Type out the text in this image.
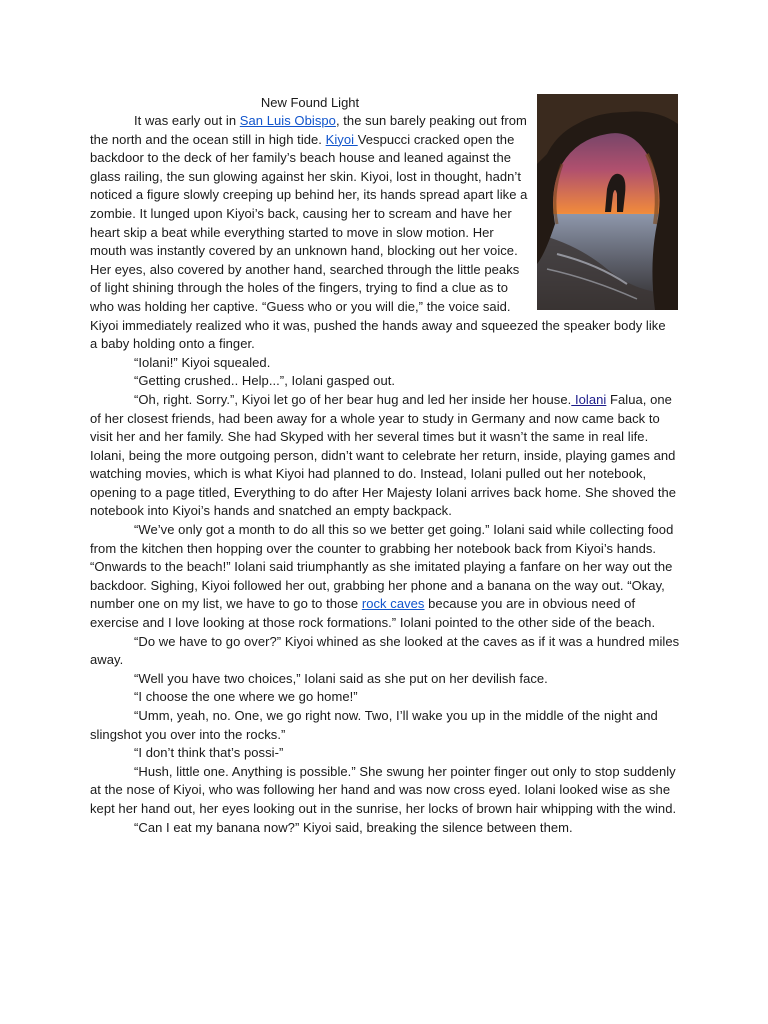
New Found Light

It was early out in San Luis Obispo, the sun barely peaking out from the north and the ocean still in high tide. Kiyoi Vespucci cracked open the backdoor to the deck of her family’s beach house and leaned against the glass railing, the sun glowing against her skin. Kiyoi, lost in thought, hadn’t noticed a figure slowly creeping up behind her, its hands spread apart like a zombie. It lunged upon Kiyoi’s back, causing her to scream and have her heart skip a beat while everything started to move in slow motion. Her mouth was instantly covered by an unknown hand, blocking out her voice. Her eyes, also covered by another hand, searched through the little peaks of light shining through the holes of the fingers, trying to find a clue as to who was holding her captive. “Guess who or you will die,” the voice said. Kiyoi immediately realized who it was, pushed the hands away and squeezed the speaker body like a baby holding onto a finger.

“Iolani!” Kiyoi squealed.

“Getting crushed.. Help...”, Iolani gasped out.

“Oh, right. Sorry.”, Kiyoi let go of her bear hug and led her inside her house. Iolani Falua, one of her closest friends, had been away for a whole year to study in Germany and now came back to visit her and her family. She had Skyped with her several times but it wasn’t the same in real life. Iolani, being the more outgoing person, didn’t want to celebrate her return, inside, playing games and watching movies, which is what Kiyoi had planned to do. Instead, Iolani pulled out her notebook, opening to a page titled, Everything to do after Her Majesty Iolani arrives back home. She shoved the notebook into Kiyoi’s hands and snatched an empty backpack.

“We’ve only got a month to do all this so we better get going.” Iolani said while collecting food from the kitchen then hopping over the counter to grabbing her notebook back from Kiyoi’s hands. “Onwards to the beach!” Iolani said triumphantly as she imitated playing a fanfare on her way out the backdoor. Sighing, Kiyoi followed her out, grabbing her phone and a banana on the way out. “Okay, number one on my list, we have to go to those rock caves because you are in obvious need of exercise and I love looking at those rock formations.” Iolani pointed to the other side of the beach.

“Do we have to go over?” Kiyoi whined as she looked at the caves as if it was a hundred miles away.

“Well you have two choices,” Iolani said as she put on her devilish face.

“I choose the one where we go home!”

“Umm, yeah, no. One, we go right now. Two, I’ll wake you up in the middle of the night and slingshot you over into the rocks.”

“I don’t think that’s possi-”

“Hush, little one. Anything is possible.” She swung her pointer finger out only to stop suddenly at the nose of Kiyoi, who was following her hand and was now cross eyed. Iolani looked wise as she kept her hand out, her eyes looking out in the sunrise, her locks of brown hair whipping with the wind.

“Can I eat my banana now?” Kiyoi said, breaking the silence between them.
